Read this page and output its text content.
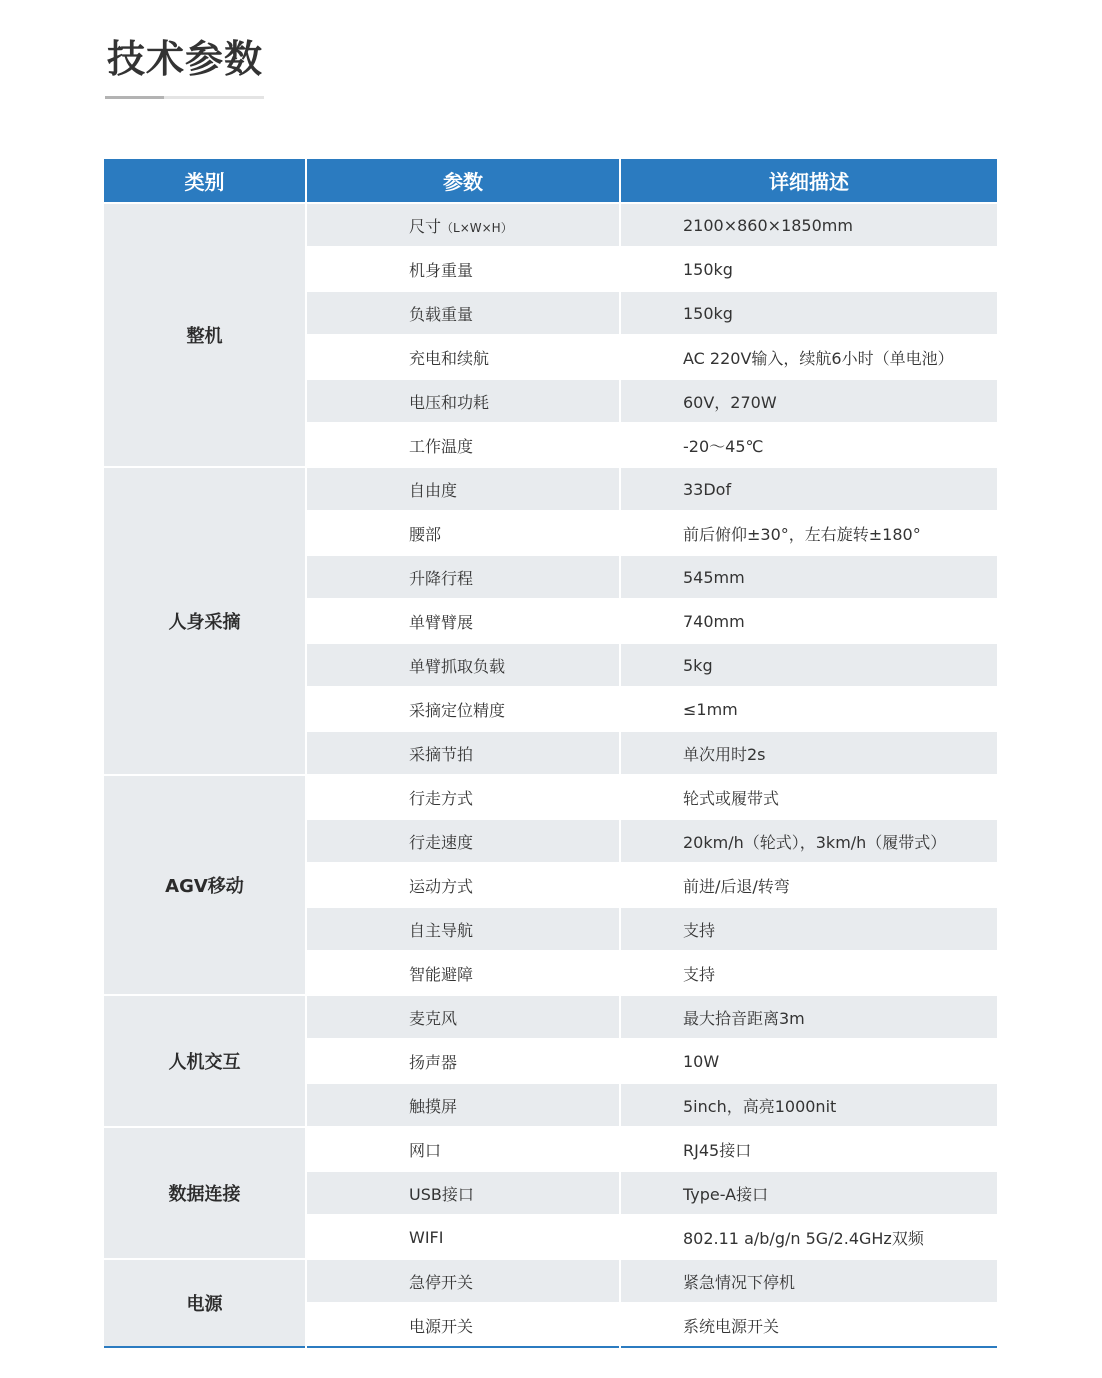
技术参数
类别	参数	详细描述
整机	尺寸（L×W×H）	2100×860×1850mm
	机身重量	150kg
	负载重量	150kg
	充电和续航	AC 220V输入，续航6小时（单电池）
	电压和功耗	60V，270W
	工作温度	-20～45℃
人身采摘	自由度	33Dof
	腰部	前后俯仰±30°，左右旋转±180°
	升降行程	545mm
	单臂臂展	740mm
	单臂抓取负载	5kg
	采摘定位精度	≤1mm
	采摘节拍	单次用时2s
AGV移动	行走方式	轮式或履带式
	行走速度	20km/h（轮式），3km/h（履带式）
	运动方式	前进/后退/转弯
	自主导航	支持
	智能避障	支持
人机交互	麦克风	最大拾音距离3m
	扬声器	10W
	触摸屏	5inch，高亮1000nit
数据连接	网口	RJ45接口
	USB接口	Type-A接口
	WIFI	802.11 a/b/g/n 5G/2.4GHz双频
电源	急停开关	紧急情况下停机
	电源开关	系统电源开关
